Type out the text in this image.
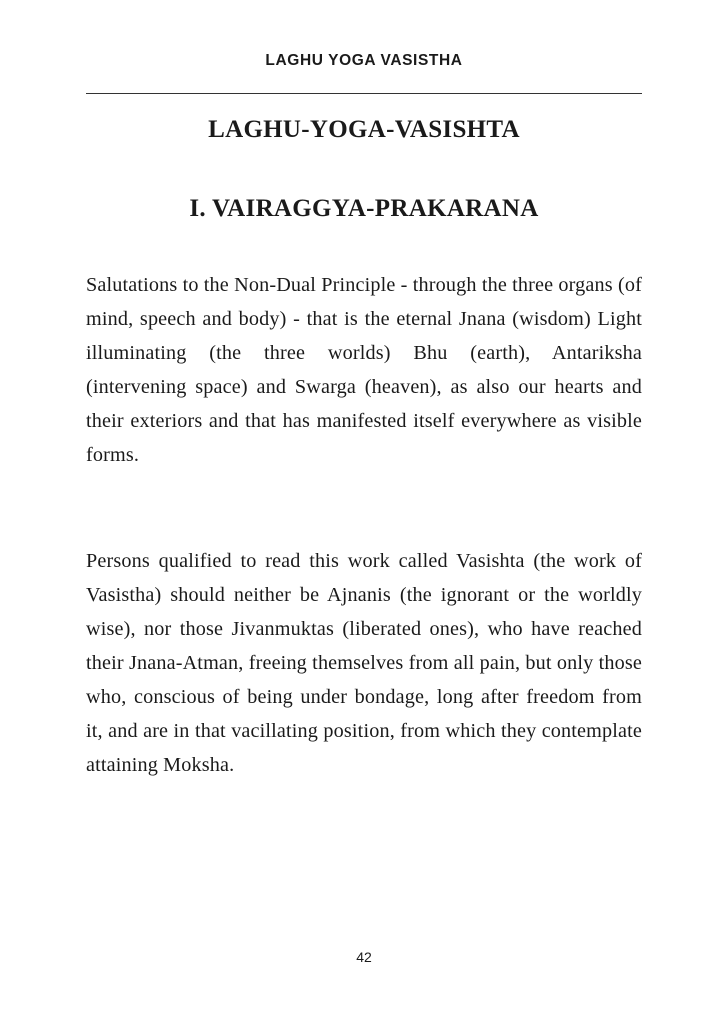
LAGHU YOGA VASISTHA
LAGHU-YOGA-VASISHTA
I. VAIRAGGYA-PRAKARANA

Salutations to the Non-Dual Principle - through the three organs (of mind, speech and body) - that is the eternal Jnana (wisdom) Light illuminating (the three worlds) Bhu (earth), Antariksha (intervening space) and Swarga (heaven), as also our hearts and their exteriors and that has manifested itself everywhere as visible forms.

Persons qualified to read this work called Vasishta (the work of Vasistha) should neither be Ajnanis (the ignorant or the worldly wise), nor those Jivanmuktas (liberated ones), who have reached their Jnana-Atman, freeing themselves from all pain, but only those who, conscious of being under bondage, long after freedom from it, and are in that vacillating position, from which they contemplate attaining Moksha.

42
